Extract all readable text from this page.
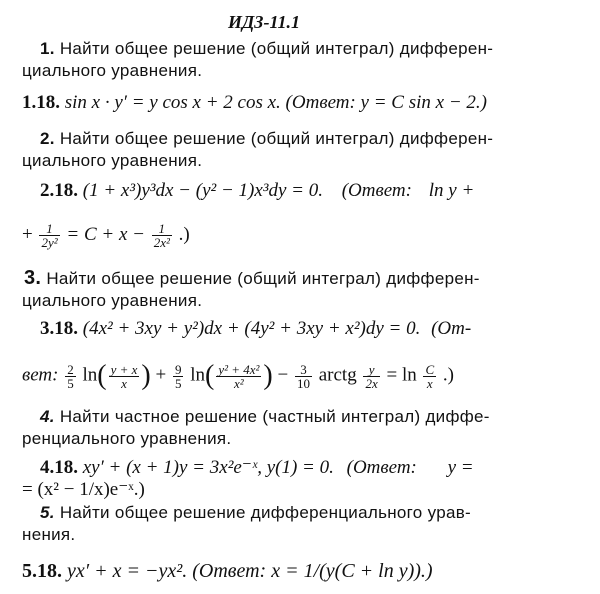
ИДЗ-11.1
1. Найти общее решение (общий интеграл) дифферен-
циального уравнения.
1.18. sin x · y′ = y cos x + 2 cos x. (Ответ: y = C sin x − 2.)
2. Найти общее решение (общий интеграл) дифферен-
циального уравнения.
2.18. (1 + x³)y³dx − (y² − 1)x³dy = 0. (Ответ: ln y +
+ $\frac{1}{\text{2y²}} = C + x - \frac{1}{\text{2x²}}$ .)
3. Найти общее решение (общий интеграл) дифферен-
циального уравнения.
3.18. (4x² + 3xy + y²)dx + (4y² + 3xy + x²)dy = 0. (От-
вет: $\frac{2}{5} \ln( \frac{y + x}{x}$ ) + $\frac{9}{5} \ln( \frac{\text{y² + 4x²}}{\text{x²}}$ ) − $\frac{3}{10}$ arctg $\frac{y}{2x} = \ln \frac{C}{x}$ .)
4. Найти частное решение (частный интеграл) диффе-
ренциального уравнения.
4.18. xy′ + (x + 1)y = 3x²e⁻ˣ, y(1) = 0. (Ответ: y =
= (x² − 1/x)e⁻ˣ.)
5. Найти общее решение дифференциального урав-
нения.
5.18. yx′ + x = −yx². (Ответ: x = 1/(y(C + ln y)).)
